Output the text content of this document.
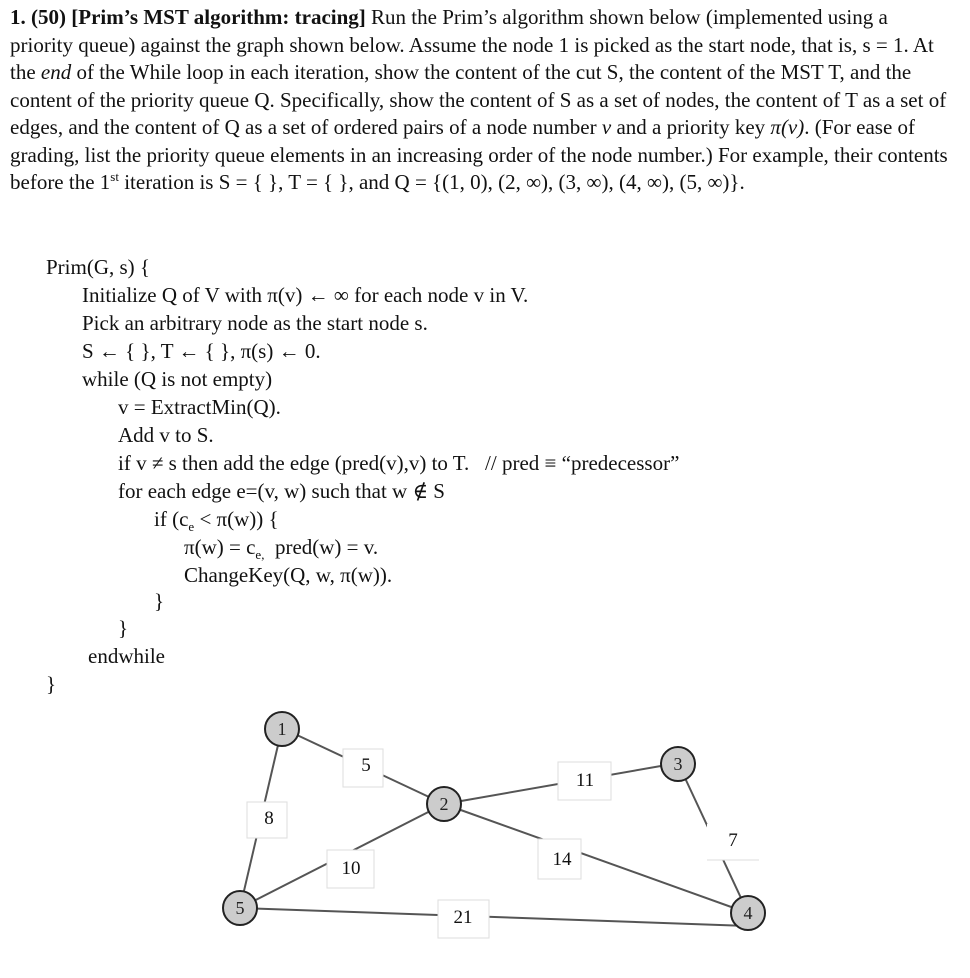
1. (50) [Prim’s MST algorithm: tracing] Run the Prim’s algorithm shown below (implemented using a priority queue) against the graph shown below. Assume the node 1 is picked as the start node, that is, s = 1. At the end of the While loop in each iteration, show the content of the cut S, the content of the MST T, and the content of the priority queue Q. Specifically, show the content of S as a set of nodes, the content of T as a set of edges, and the content of Q as a set of ordered pairs of a node number v and a priority key π(v). (For ease of grading, list the priority queue elements in an increasing order of the node number.) For example, their contents before the 1st iteration is S = { }, T = { }, and Q = {(1, 0), (2, ∞), (3, ∞), (4, ∞), (5, ∞)}.

Prim(G, s) {
Initialize Q of V with π(v) ← ∞ for each node v in V.
Pick an arbitrary node as the start node s.
S ← { }, T ← { }, π(s) ← 0.
while (Q is not empty)
v = ExtractMin(Q).
Add v to S.
if v ≠ s then add the edge (pred(v),v) to T.   // pred ≡ “predecessor”
for each edge e=(v, w) such that w ∉ S
if $(c_e < \pi(w))$ {
$\pi(w) = c_{e,}$  pred(w) = v.
ChangeKey(Q, w, π(w)).
}
}
endwhile
}
5
8
11
10	14
7
21
1
2
3
4
5
